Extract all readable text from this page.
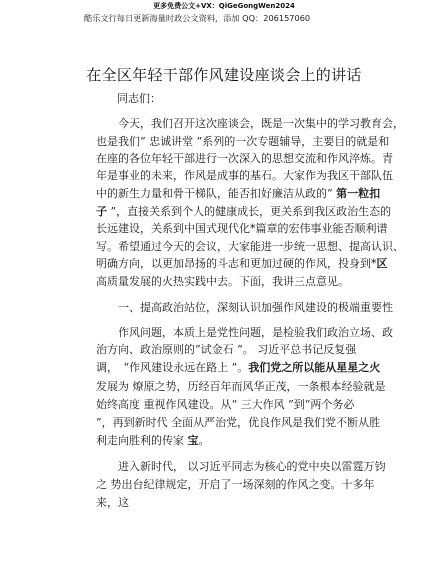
更多免费公文+VX：QiGeGongWen2024
酷乐文行每日更新海量时政公文资料，添加 QQ：206157060
在全区年轻干部作风建设座谈会上的讲话
同志们：
　　今天，我们召开这次座谈会，既是一次集中的学习教育会，
也是我们“ 忠诚讲堂 ”系列的一次专题辅导，主要目的就是和
在座的各位年轻干部进行一次深入的思想交流和作风淬炼。青
年是事业的未来，作风是成事的基石。大家作为我区干部队伍
中的新生力量和骨干梯队，能否扣好廉洁从政的“ 第一粒扣
子 ”，直接关系到个人的健康成长，更关系到我区政治生态的
长远建设，关系到中国式现代化*篇章的宏伟事业能否顺利谱
写。希望通过今天的会议，大家能进一步统一思想、提高认识、
明确方向，以更加昂扬的斗志和更加过硬的作风，投身到*区
高质量发展的火热实践中去。下面，我讲三点意见。
　　一、提高政治站位，深刻认识加强作风建设的极端重要性
　　作风问题，本质上是党性问题，是检验我们政治立场、政
治方向、政治原则的“试金石 ”。 习近平总书记反复强
调，　“作风建设永远在路上 ”。我们党之所以能从星星之火
发展为 燎原之势，历经百年而风华正茂，一条根本经验就是
始终高度 重视作风建设。从“ 三大作风 ”到“两个务必
”，再到新时代 全面从严治党，优良作风是我们党不断从胜
利走向胜利的传家 宝。
　　进入新时代， 以习近平同志为核心的党中央以雷霆万钧
之 势出台纪律规定，开启了一场深刻的作风之变。十多年
来，这
